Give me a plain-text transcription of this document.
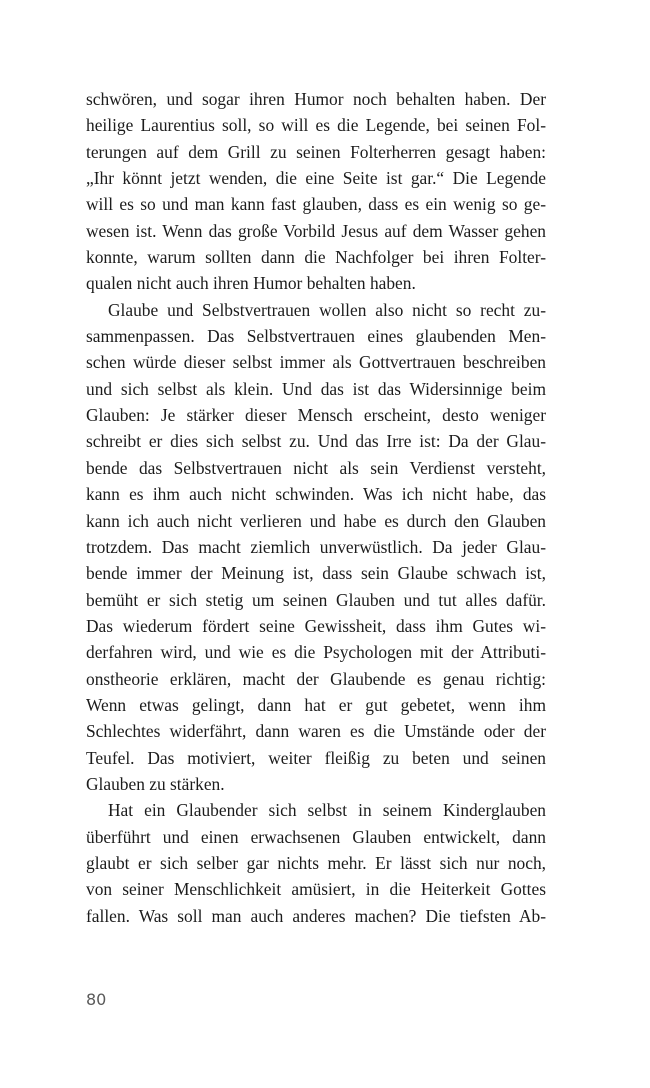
schwören, und sogar ihren Humor noch behalten haben. Der
heilige Laurentius soll, so will es die Legende, bei seinen Fol-
terungen auf dem Grill zu seinen Folterherren gesagt haben:
„Ihr könnt jetzt wenden, die eine Seite ist gar.“ Die Legende
will es so und man kann fast glauben, dass es ein wenig so ge-
wesen ist. Wenn das große Vorbild Jesus auf dem Wasser gehen
konnte, warum sollten dann die Nachfolger bei ihren Folter-
qualen nicht auch ihren Humor behalten haben.
Glaube und Selbstvertrauen wollen also nicht so recht zu-
sammenpassen. Das Selbstvertrauen eines glaubenden Men-
schen würde dieser selbst immer als Gottvertrauen beschreiben
und sich selbst als klein. Und das ist das Widersinnige beim
Glauben: Je stärker dieser Mensch erscheint, desto weniger
schreibt er dies sich selbst zu. Und das Irre ist: Da der Glau-
bende das Selbstvertrauen nicht als sein Verdienst versteht,
kann es ihm auch nicht schwinden. Was ich nicht habe, das
kann ich auch nicht verlieren und habe es durch den Glauben
trotzdem. Das macht ziemlich unverwüstlich. Da jeder Glau-
bende immer der Meinung ist, dass sein Glaube schwach ist,
bemüht er sich stetig um seinen Glauben und tut alles dafür.
Das wiederum fördert seine Gewissheit, dass ihm Gutes wi-
derfahren wird, und wie es die Psychologen mit der Attributi-
onstheorie erklären, macht der Glaubende es genau richtig:
Wenn etwas gelingt, dann hat er gut gebetet, wenn ihm
Schlechtes widerfährt, dann waren es die Umstände oder der
Teufel. Das motiviert, weiter fleißig zu beten und seinen
Glauben zu stärken.
Hat ein Glaubender sich selbst in seinem Kinderglauben
überführt und einen erwachsenen Glauben entwickelt, dann
glaubt er sich selber gar nichts mehr. Er lässt sich nur noch,
von seiner Menschlichkeit amüsiert, in die Heiterkeit Gottes
fallen. Was soll man auch anderes machen? Die tiefsten Ab-
80
